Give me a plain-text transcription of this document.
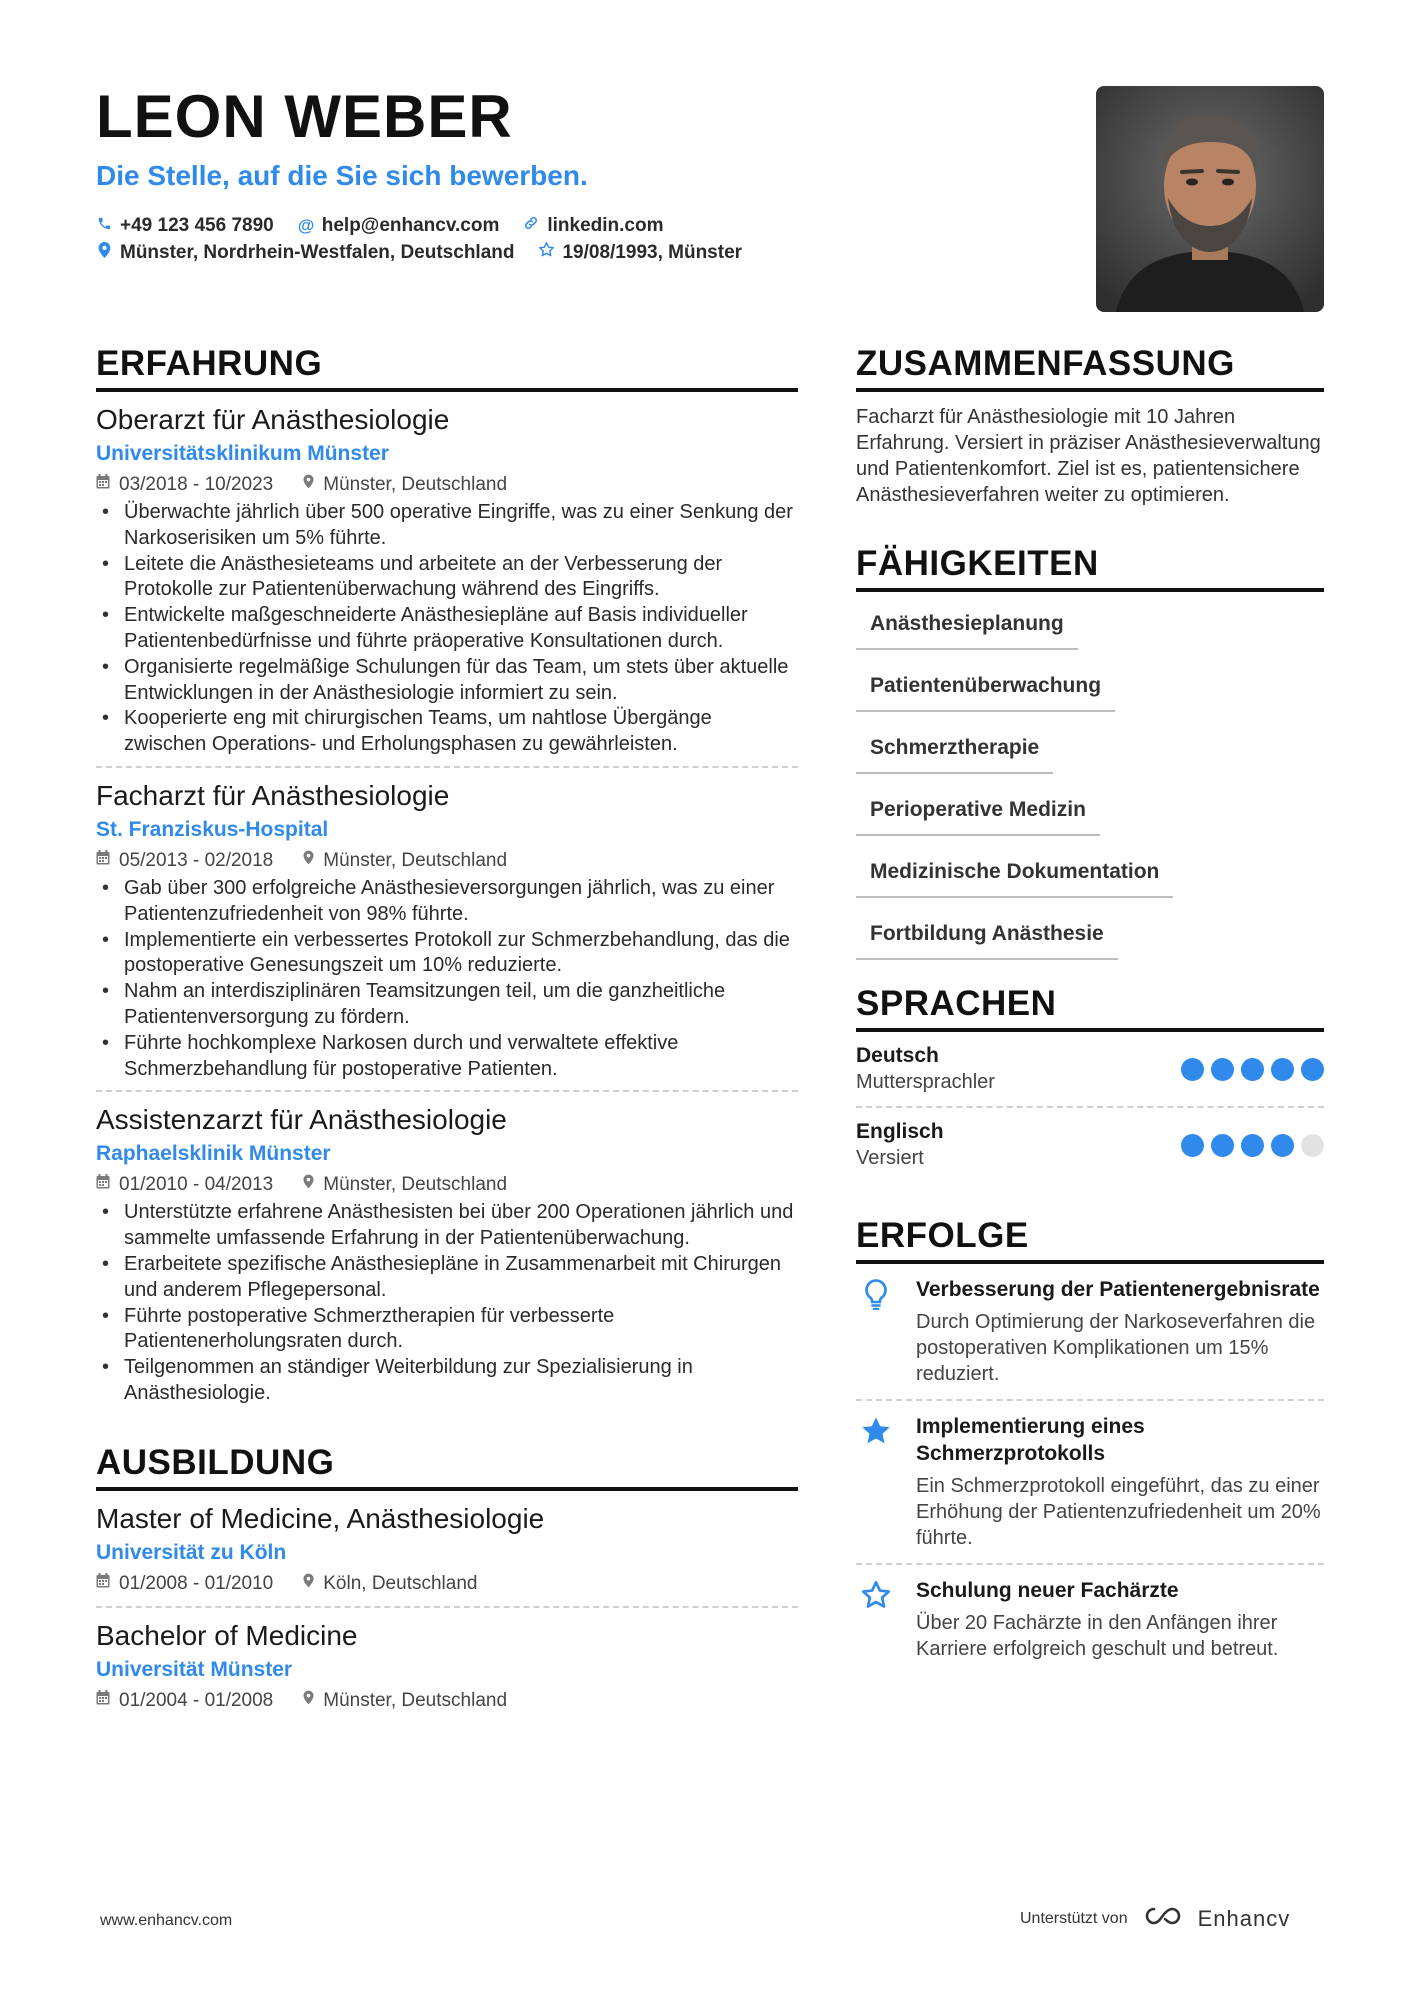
LEON WEBER
Die Stelle, auf die Sie sich bewerben.
+49 123 456 7890 @ help@enhancv.com	linkedin.com
Münster, Nordrhein-Westfalen, Deutschland	19/08/1993, Münster
ERFAHRUNG
Oberarzt für Anästhesiologie
Universitätsklinikum Münster
03/2018 - 10/2023	Münster, Deutschland
• Überwachte jährlich über 500 operative Eingriffe, was zu einer Senkung der Narkoserisiken um 5% führte.
• Leitete die Anästhesieteams und arbeitete an der Verbesserung der Protokolle zur Patientenüberwachung während des Eingriffs.
• Entwickelte maßgeschneiderte Anästhesiepläne auf Basis individueller Patientenbedürfnisse und führte präoperative Konsultationen durch.
• Organisierte regelmäßige Schulungen für das Team, um stets über aktuelle Entwicklungen in der Anästhesiologie informiert zu sein.
• Kooperierte eng mit chirurgischen Teams, um nahtlose Übergänge zwischen Operations- und Erholungsphasen zu gewährleisten.
Facharzt für Anästhesiologie
St. Franziskus-Hospital
05/2013 - 02/2018	Münster, Deutschland
• Gab über 300 erfolgreiche Anästhesieversorgungen jährlich, was zu einer Patientenzufriedenheit von 98% führte.
• Implementierte ein verbessertes Protokoll zur Schmerzbehandlung, das die postoperative Genesungszeit um 10% reduzierte.
• Nahm an interdisziplinären Teamsitzungen teil, um die ganzheitliche Patientenversorgung zu fördern.
• Führte hochkomplexe Narkosen durch und verwaltete effektive Schmerzbehandlung für postoperative Patienten.
Assistenzarzt für Anästhesiologie
Raphaelsklinik Münster
01/2010 - 04/2013	Münster, Deutschland
• Unterstützte erfahrene Anästhesisten bei über 200 Operationen jährlich und sammelte umfassende Erfahrung in der Patientenüberwachung.
• Erarbeitete spezifische Anästhesiepläne in Zusammenarbeit mit Chirurgen und anderem Pflegepersonal.
• Führte postoperative Schmerztherapien für verbesserte Patientenerholungsraten durch.
• Teilgenommen an ständiger Weiterbildung zur Spezialisierung in Anästhesiologie.
AUSBILDUNG
Master of Medicine, Anästhesiologie
Universität zu Köln
01/2008 - 01/2010	Köln, Deutschland
Bachelor of Medicine
Universität Münster
01/2004 - 01/2008	Münster, Deutschland
ZUSAMMENFASSUNG
Facharzt für Anästhesiologie mit 10 Jahren Erfahrung. Versiert in präziser Anästhesieverwaltung und Patientenkomfort. Ziel ist es, patientensichere Anästhesieverfahren weiter zu optimieren.
FÄHIGKEITEN
Anästhesieplanung
Patientenüberwachung
Schmerztherapie
Perioperative Medizin
Medizinische Dokumentation
Fortbildung Anästhesie
SPRACHEN
Deutsch
Muttersprachler
Englisch
Versiert
ERFOLGE
Verbesserung der Patientenergebnisrate
Durch Optimierung der Narkoseverfahren die postoperativen Komplikationen um 15% reduziert.
Implementierung eines Schmerzprotokolls
Ein Schmerzprotokoll eingeführt, das zu einer Erhöhung der Patientenzufriedenheit um 20% führte.
Schulung neuer Fachärzte
Über 20 Fachärzte in den Anfängen ihrer Karriere erfolgreich geschult und betreut.
www.enhancv.com	Unterstützt von	Enhancv
